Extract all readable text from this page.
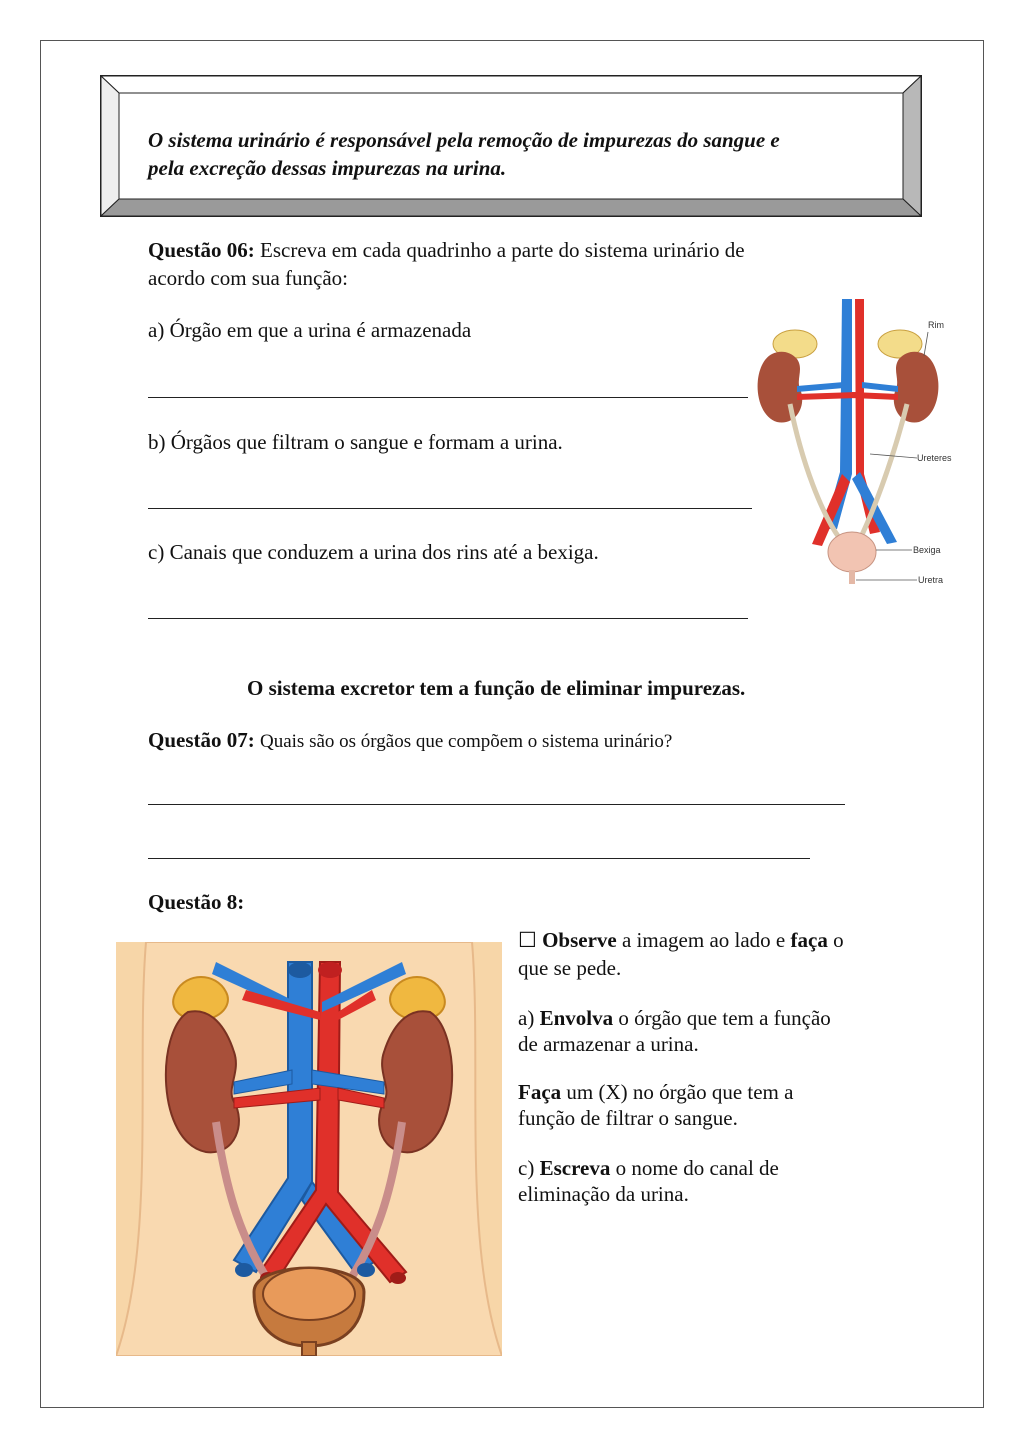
O sistema urinário é responsável pela remoção de impurezas do sangue e
pela excreção dessas impurezas na urina.
Questão 06: Escreva em cada quadrinho a parte do sistema urinário de
acordo com sua função:
a) Órgão em que a urina é armazenada
b) Órgãos que filtram o sangue e formam a urina.
c) Canais que conduzem a urina dos rins até a bexiga.
Rim
Ureteres
Bexiga
Uretra
O sistema excretor tem a função de eliminar impurezas.
Questão 07: Quais são os órgãos que compõem o sistema urinário?
Questão 8:
☐ Observe a imagem ao lado e faça o
que se pede.
a) Envolva o órgão que tem a função
de armazenar a urina.
Faça um (X) no órgão que tem a
função de filtrar o sangue.
c) Escreva o nome do canal de
eliminação da urina.
